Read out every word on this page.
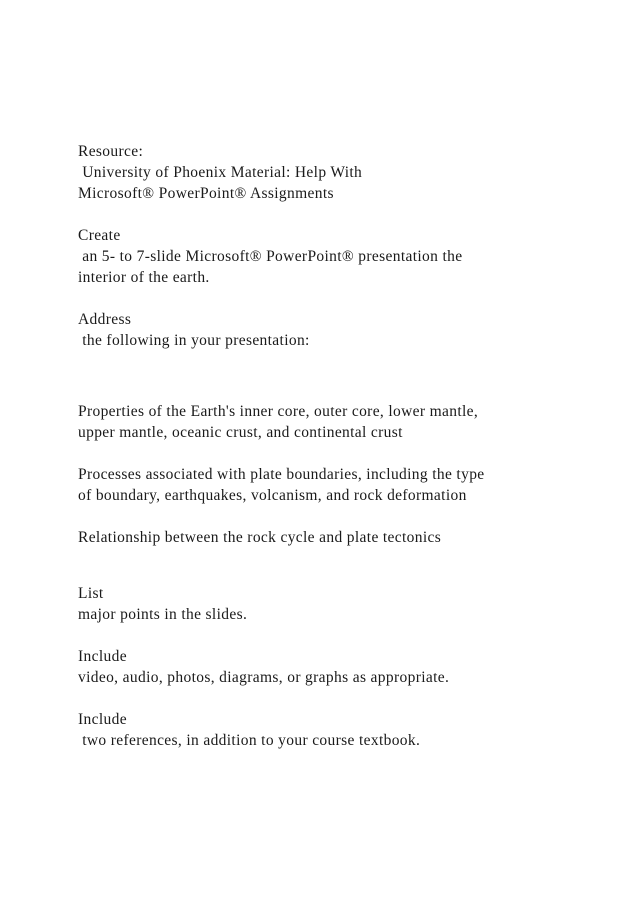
Resource:
University of Phoenix Material: Help With
Microsoft® PowerPoint® Assignments
Create
an 5- to 7-slide Microsoft® PowerPoint® presentation the
interior of the earth.
Address
the following in your presentation:
Properties of the Earth's inner core, outer core, lower mantle,
upper mantle, oceanic crust, and continental crust
Processes associated with plate boundaries, including the type
of boundary, earthquakes, volcanism, and rock deformation
Relationship between the rock cycle and plate tectonics
List
major points in the slides.
Include
video, audio, photos, diagrams, or graphs as appropriate.
Include
two references, in addition to your course textbook.
